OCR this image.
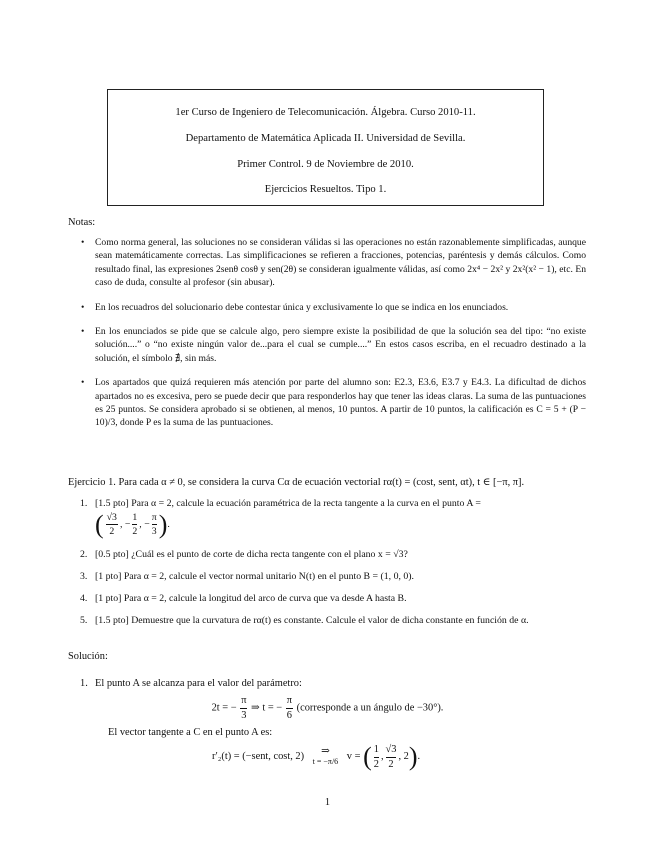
1er Curso de Ingeniero de Telecomunicación. Álgebra. Curso 2010-11.
Departamento de Matemática Aplicada II. Universidad de Sevilla.
Primer Control. 9 de Noviembre de 2010.
Ejercicios Resueltos. Tipo 1.
Notas:
• Como norma general, las soluciones no se consideran válidas si las operaciones no están razonablemente simplificadas, aunque sean matemáticamente correctas. Las simplificaciones se refieren a fracciones, potencias, paréntesis y demás cálculos. Como resultado final, las expresiones 2senθ cosθ y sen(2θ) se consideran igualmente válidas, así como 2x⁴ − 2x² y 2x²(x² − 1), etc. En caso de duda, consulte al profesor (sin abusar).
• En los recuadros del solucionario debe contestar única y exclusivamente lo que se indica en los enunciados.
• En los enunciados se pide que se calcule algo, pero siempre existe la posibilidad de que la solución sea del tipo: “no existe solución....” o “no existe ningún valor de...para el cual se cumple....” En estos casos escriba, en el recuadro destinado a la solución, el símbolo ∄, sin más.
• Los apartados que quizá requieren más atención por parte del alumno son: E2.3, E3.6, E3.7 y E4.3. La dificultad de dichos apartados no es excesiva, pero se puede decir que para responderlos hay que tener las ideas claras. La suma de las puntuaciones es 25 puntos. Se considera aprobado si se obtienen, al menos, 10 puntos. A partir de 10 puntos, la calificación es C = 5 + (P − 10)/3, donde P es la suma de las puntuaciones.
Ejercicio 1. Para cada α ≠ 0, se considera la curva Cα de ecuación vectorial rα(t) = (cost, sent, αt), t ∈ [−π, π].
1. [1.5 pto] Para α = 2, calcule la ecuación paramétrica de la recta tangente a la curva en el punto A =
( $\frac{√3}{2}$ , − $\frac{1}{2}$ , − $\frac{\pi}{3}$ ) .
2. [0.5 pto] ¿Cuál es el punto de corte de dicha recta tangente con el plano x = √3?
3. [1 pto] Para α = 2, calcule el vector normal unitario N(t) en el punto B = (1, 0, 0).
4. [1 pto] Para α = 2, calcule la longitud del arco de curva que va desde A hasta B.
5. [1.5 pto] Demuestre que la curvatura de rα(t) es constante. Calcule el valor de dicha constante en función de α.
Solución:
1. El punto A se alcanza para el valor del parámetro:
2t = − $\frac{\pi}{3}$ ⇒ t = − $\frac{\pi}{6}$ (corresponde a un ángulo de −30°).
El vector tangente a C en el punto A es:
r′₂(t) = (−sent, cost, 2)	⇒
t = −π/6 v = ( $\frac{1}{2}$ , $\frac{√3}{2}$ , 2 ) .
1
